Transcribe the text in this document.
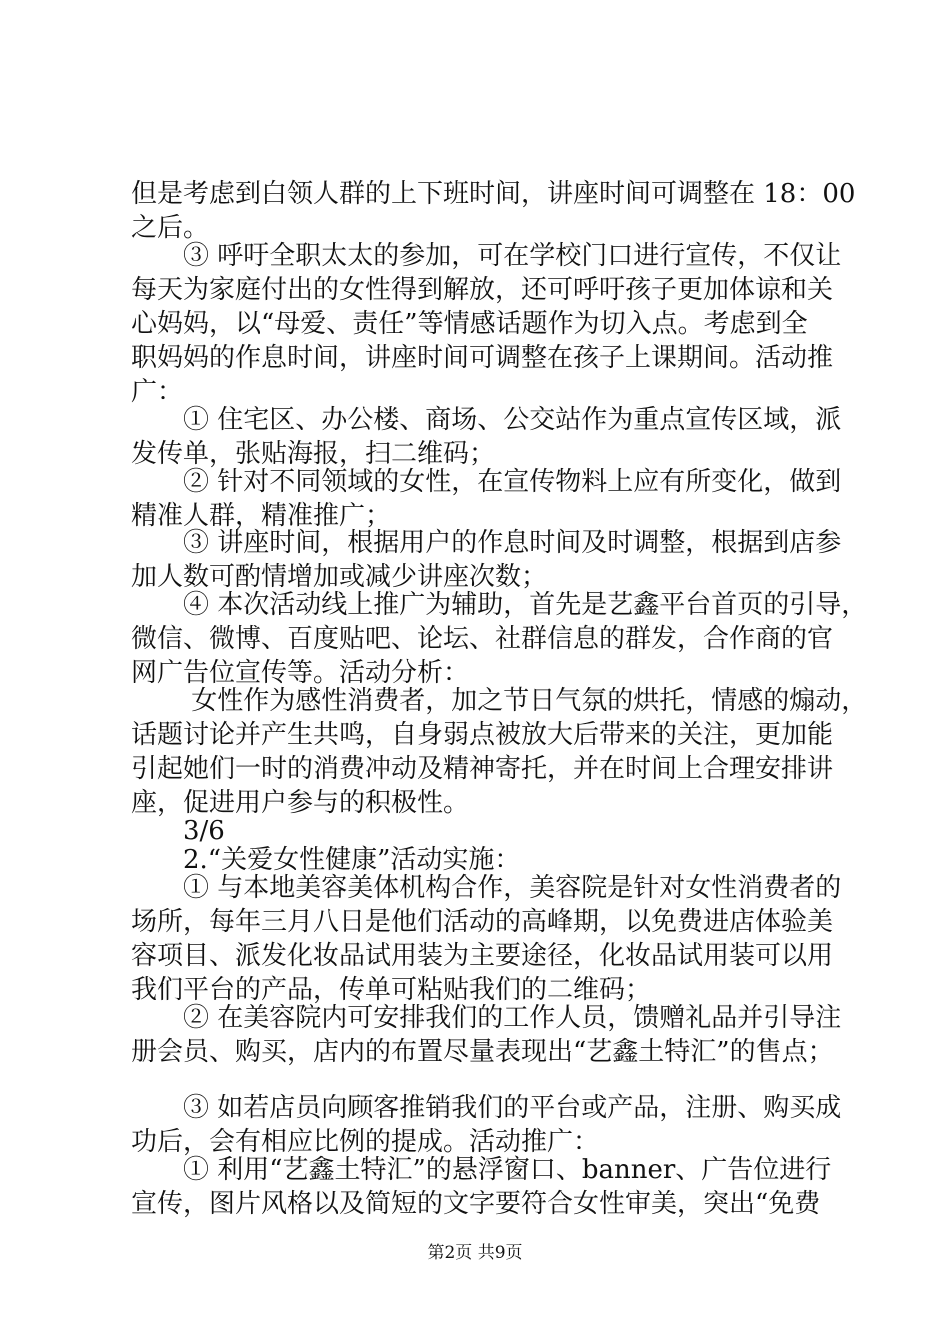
但是考虑到白领人群的上下班时间，讲座时间可调整在 18：00
之后。
　　③ 呼吁全职太太的参加，可在学校门口进行宣传，不仅让
每天为家庭付出的女性得到解放，还可呼吁孩子更加体谅和关
心妈妈，以“母爱、责任”等情感话题作为切入点。考虑到全
职妈妈的作息时间，讲座时间可调整在孩子上课期间。活动推
广：
　　① 住宅区、办公楼、商场、公交站作为重点宣传区域，派
发传单，张贴海报，扫二维码；
　　② 针对不同领域的女性，在宣传物料上应有所变化，做到
精准人群，精准推广；
　　③ 讲座时间，根据用户的作息时间及时调整，根据到店参
加人数可酌情增加或减少讲座次数；
　　④ 本次活动线上推广为辅助，首先是艺鑫平台首页的引导，
微信、微博、百度贴吧、论坛、社群信息的群发，合作商的官
网广告位宣传等。活动分析：
　　 女性作为感性消费者，加之节日气氛的烘托，情感的煽动，
话题讨论并产生共鸣，自身弱点被放大后带来的关注，更加能
引起她们一时的消费冲动及精神寄托，并在时间上合理安排讲
座，促进用户参与的积极性。
　　3/6
　　2.“关爱女性健康”活动实施：
　　① 与本地美容美体机构合作，美容院是针对女性消费者的
场所，每年三月八日是他们活动的高峰期，以免费进店体验美
容项目、派发化妆品试用装为主要途径，化妆品试用装可以用
我们平台的产品，传单可粘贴我们的二维码；
　　② 在美容院内可安排我们的工作人员，馈赠礼品并引导注
册会员、购买，店内的布置尽量表现出“艺鑫土特汇”的售点；
　　③ 如若店员向顾客推销我们的平台或产品，注册、购买成
功后，会有相应比例的提成。活动推广：
　　① 利用“艺鑫土特汇”的悬浮窗口、banner、广告位进行
宣传，图片风格以及简短的文字要符合女性审美，突出“免费
第2页 共9页
